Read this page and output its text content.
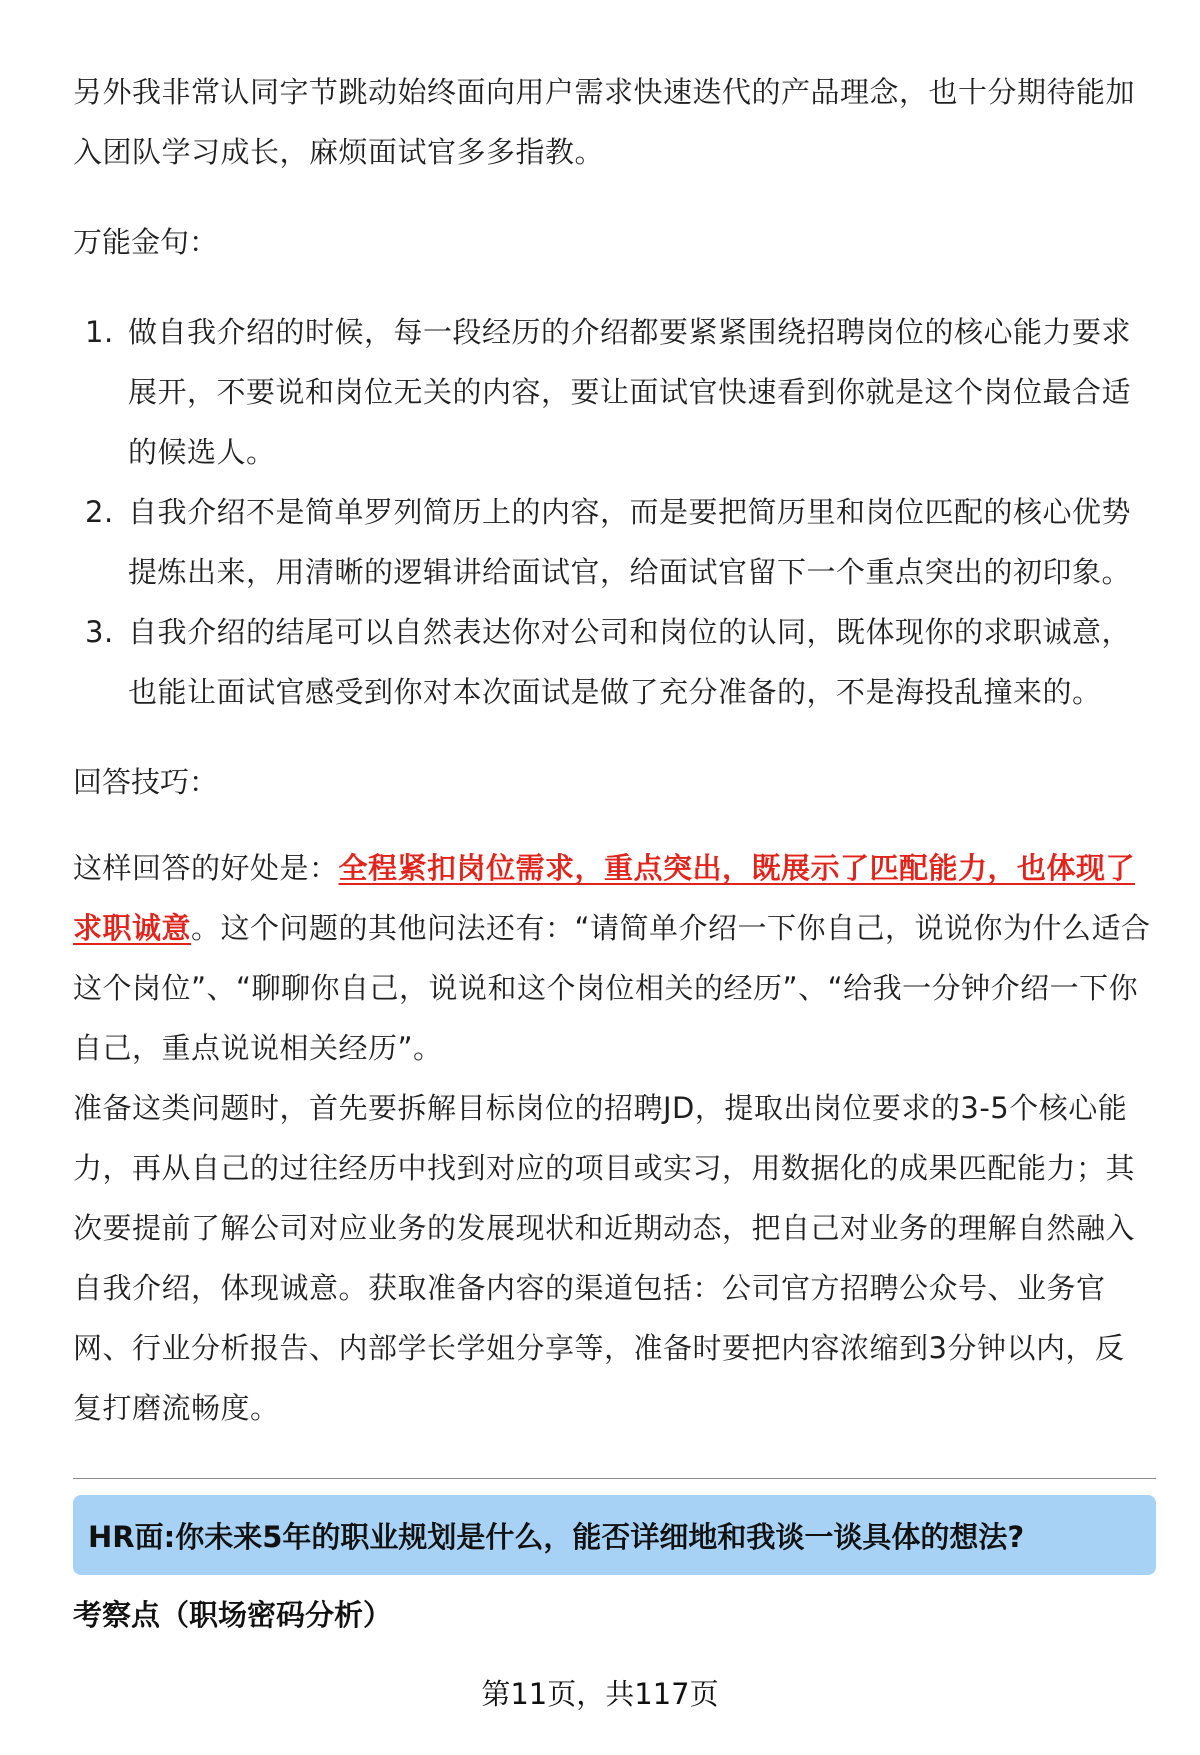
另外我非常认同字节跳动始终面向用户需求快速迭代的产品理念，也十分期待能加入团队学习成长，麻烦面试官多多指教。

万能金句：

1. 做自我介绍的时候，每一段经历的介绍都要紧紧围绕招聘岗位的核心能力要求展开，不要说和岗位无关的内容，要让面试官快速看到你就是这个岗位最合适的候选人。
2. 自我介绍不是简单罗列简历上的内容，而是要把简历里和岗位匹配的核心优势提炼出来，用清晰的逻辑讲给面试官，给面试官留下一个重点突出的初印象。
3. 自我介绍的结尾可以自然表达你对公司和岗位的认同，既体现你的求职诚意，也能让面试官感受到你对本次面试是做了充分准备的，不是海投乱撞来的。

回答技巧：

这样回答的好处是：全程紧扣岗位需求，重点突出，既展示了匹配能力，也体现了求职诚意。这个问题的其他问法还有：“请简单介绍一下你自己，说说你为什么适合这个岗位”、“聊聊你自己，说说和这个岗位相关的经历”、“给我一分钟介绍一下你自己，重点说说相关经历”。

准备这类问题时，首先要拆解目标岗位的招聘JD，提取出岗位要求的3-5个核心能力，再从自己的过往经历中找到对应的项目或实习，用数据化的成果匹配能力；其次要提前了解公司对应业务的发展现状和近期动态，把自己对业务的理解自然融入自我介绍，体现诚意。获取准备内容的渠道包括：公司官方招聘公众号、业务官网、行业分析报告、内部学长学姐分享等，准备时要把内容浓缩到3分钟以内，反复打磨流畅度。

HR面:你未来5年的职业规划是什么，能否详细地和我谈一谈具体的想法?
考察点（职场密码分析）
第11页，共117页
